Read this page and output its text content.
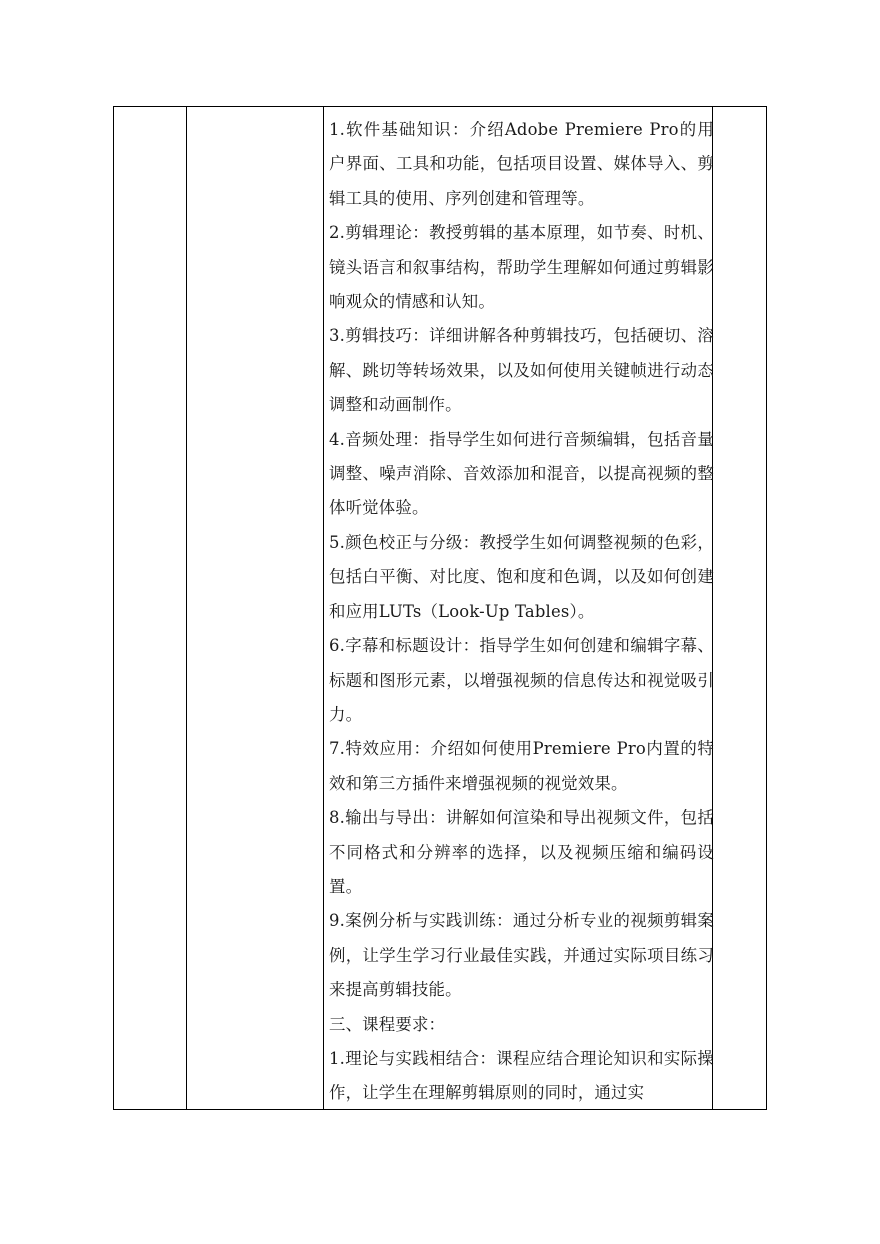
1.软件基础知识：介绍Adobe Premiere Pro的用户界面、工具和功能，包括项目设置、媒体导入、剪辑工具的使用、序列创建和管理等。

2.剪辑理论：教授剪辑的基本原理，如节奏、时机、镜头语言和叙事结构，帮助学生理解如何通过剪辑影响观众的情感和认知。

3.剪辑技巧：详细讲解各种剪辑技巧，包括硬切、溶解、跳切等转场效果，以及如何使用关键帧进行动态调整和动画制作。

4.音频处理：指导学生如何进行音频编辑，包括音量调整、噪声消除、音效添加和混音，以提高视频的整体听觉体验。

5.颜色校正与分级：教授学生如何调整视频的色彩，包括白平衡、对比度、饱和度和色调，以及如何创建和应用LUTs（Look-Up Tables）。

6.字幕和标题设计：指导学生如何创建和编辑字幕、标题和图形元素，以增强视频的信息传达和视觉吸引力。

7.特效应用：介绍如何使用Premiere Pro内置的特效和第三方插件来增强视频的视觉效果。

8.输出与导出：讲解如何渲染和导出视频文件，包括不同格式和分辨率的选择，以及视频压缩和编码设置。

9.案例分析与实践训练：通过分析专业的视频剪辑案例，让学生学习行业最佳实践，并通过实际项目练习来提高剪辑技能。

三、课程要求：

1.理论与实践相结合：课程应结合理论知识和实际操作，让学生在理解剪辑原则的同时，通过实
